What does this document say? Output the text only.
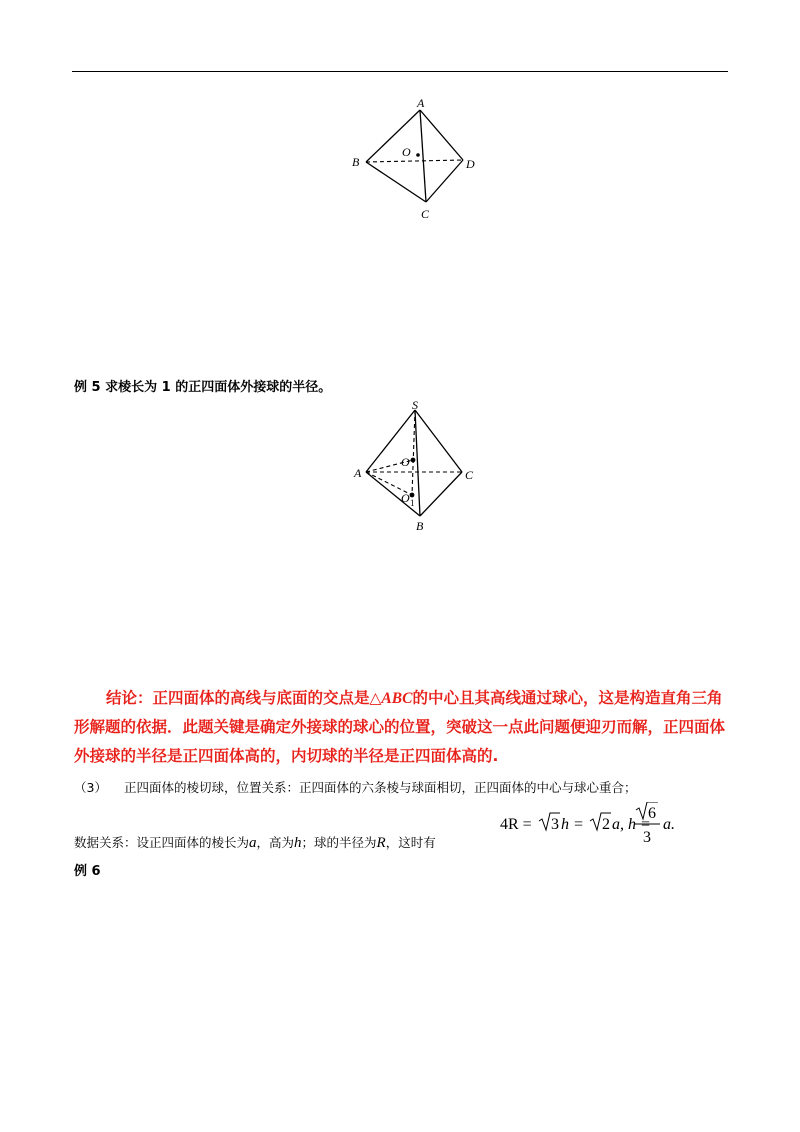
A
B
C
D
O
例 5 求棱长为 1 的正四面体外接球的半径。
S
A
B
C
O
O 1
结论：正四面体的高线与底面的交点是△ABC的中心且其高线通过球心，这是构造直角三角形解题的依据．此题关键是确定外接球的球心的位置，突破这一点此问题便迎刃而解，正四面体外接球的半径是正四面体高的，内切球的半径是正四面体高的.
（3） 正四面体的棱切球，位置关系：正四面体的六条棱与球面相切，正四面体的中心与球心重合；
数据关系：设正四面体的棱长为a，高为h；球的半径为R，这时有
4R = 3 h = 2 a, h =
6
3
a.
例 6
